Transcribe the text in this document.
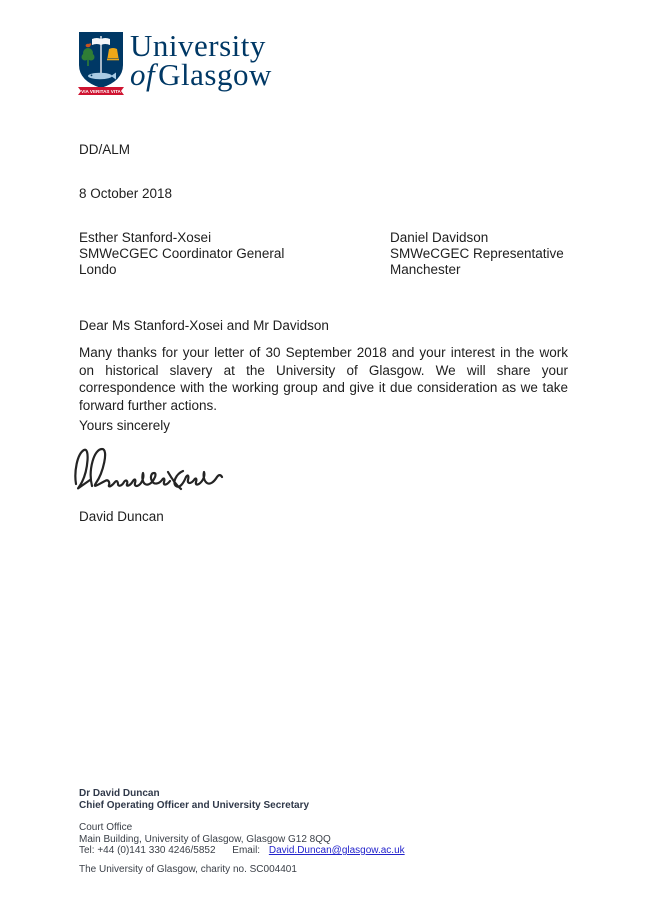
VIA VERITAS VITA
University
ofGlasgow
DD/ALM
8 October 2018
Esther Stanford-Xosei
SMWeCGEC Coordinator General
Londo
Daniel Davidson
SMWeCGEC Representative
Manchester
Dear Ms Stanford-Xosei and Mr Davidson
Many thanks for your letter of 30 September 2018 and your interest in the work on historical slavery at the University of Glasgow. We will share your correspondence with the working group and give it due consideration as we take forward further actions.
Yours sincerely
David Duncan
Dr David Duncan
Chief Operating Officer and University Secretary
Court Office
Main Building, University of Glasgow, Glasgow G12 8QQ
Tel: +44 (0)141 330 4246/5852 Email: David.Duncan@glasgow.ac.uk
The University of Glasgow, charity no. SC004401
